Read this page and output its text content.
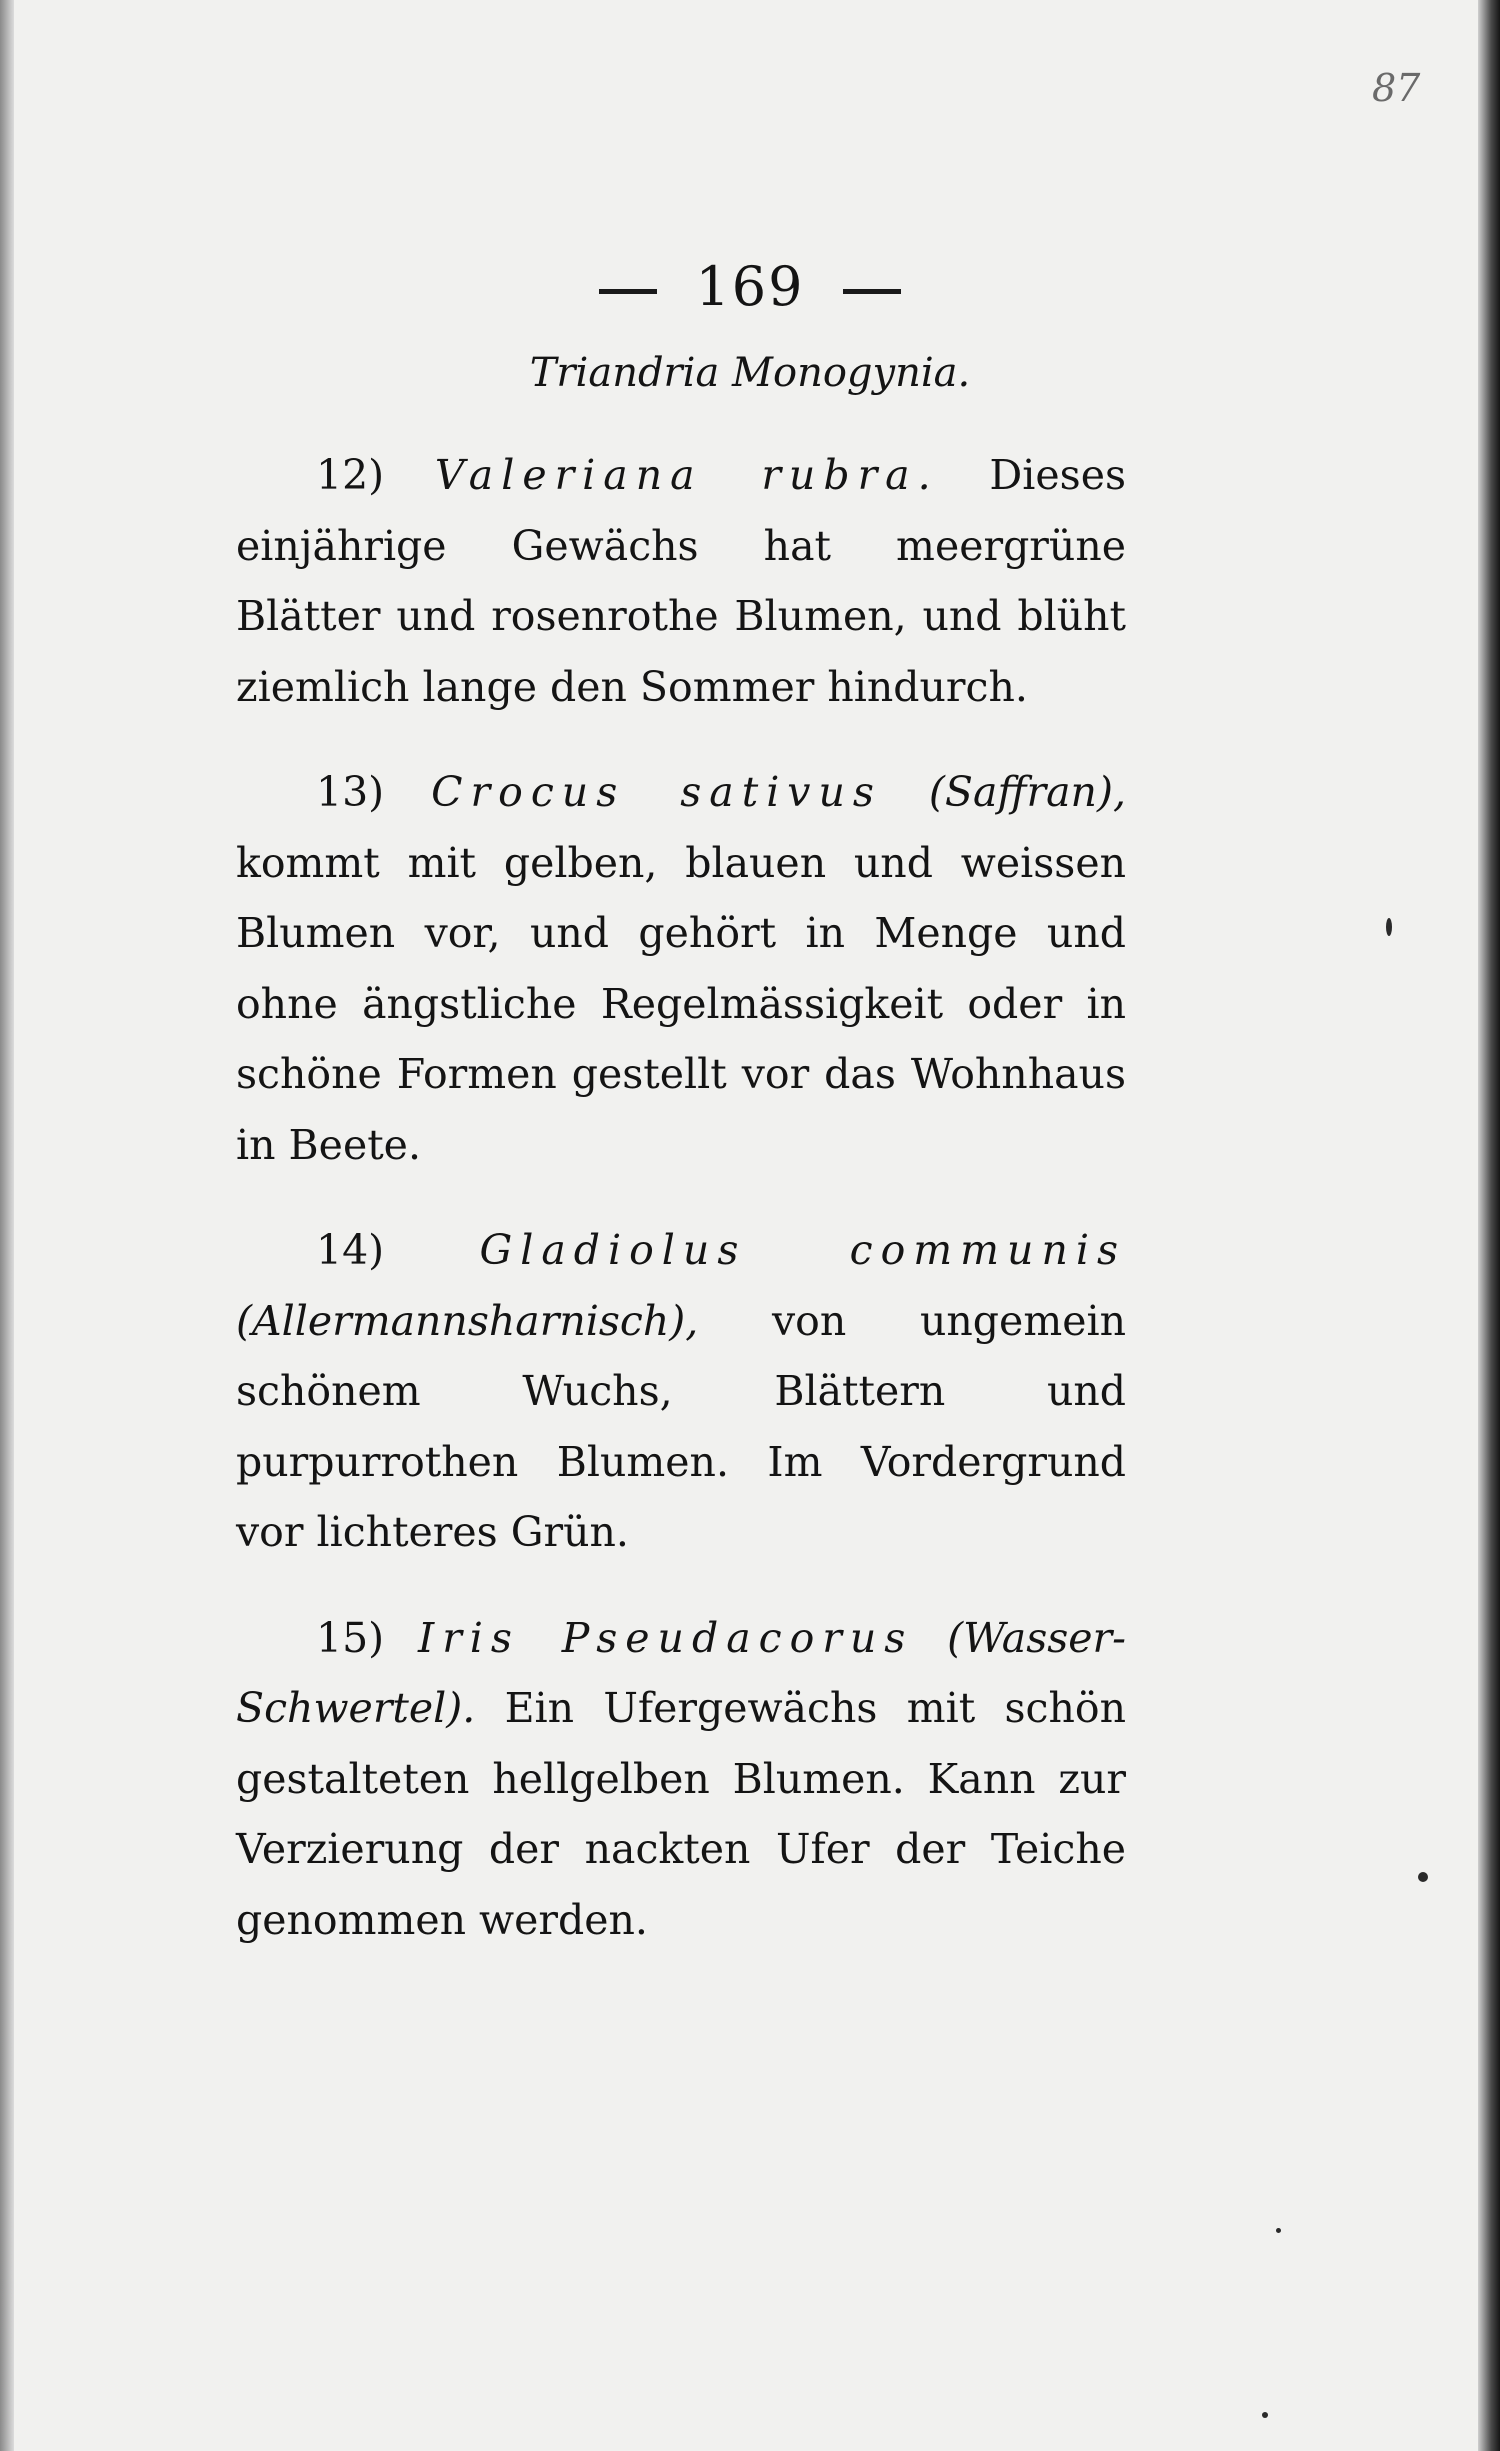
87
169
Triandria Monogynia.

12) Valeriana rubra. Dieses einjährige Gewächs hat meergrüne Blätter und rosenrothe Blumen, und blüht ziemlich lange den Sommer hindurch.

13) Crocus sativus (Saffran), kommt mit gelben, blauen und weissen Blumen vor, und gehört in Menge und ohne ängstliche Regelmässigkeit oder in schöne Formen gestellt vor das Wohnhaus in Beete.

14) Gladiolus communis (Allermannsharnisch), von ungemein schönem Wuchs, Blättern und purpurrothen Blumen. Im Vordergrund vor lichteres Grün.

15) Iris Pseudacorus (Wasser-Schwertel). Ein Ufergewächs mit schön gestalteten hellgelben Blumen. Kann zur Verzierung der nackten Ufer der Teiche genommen werden.
